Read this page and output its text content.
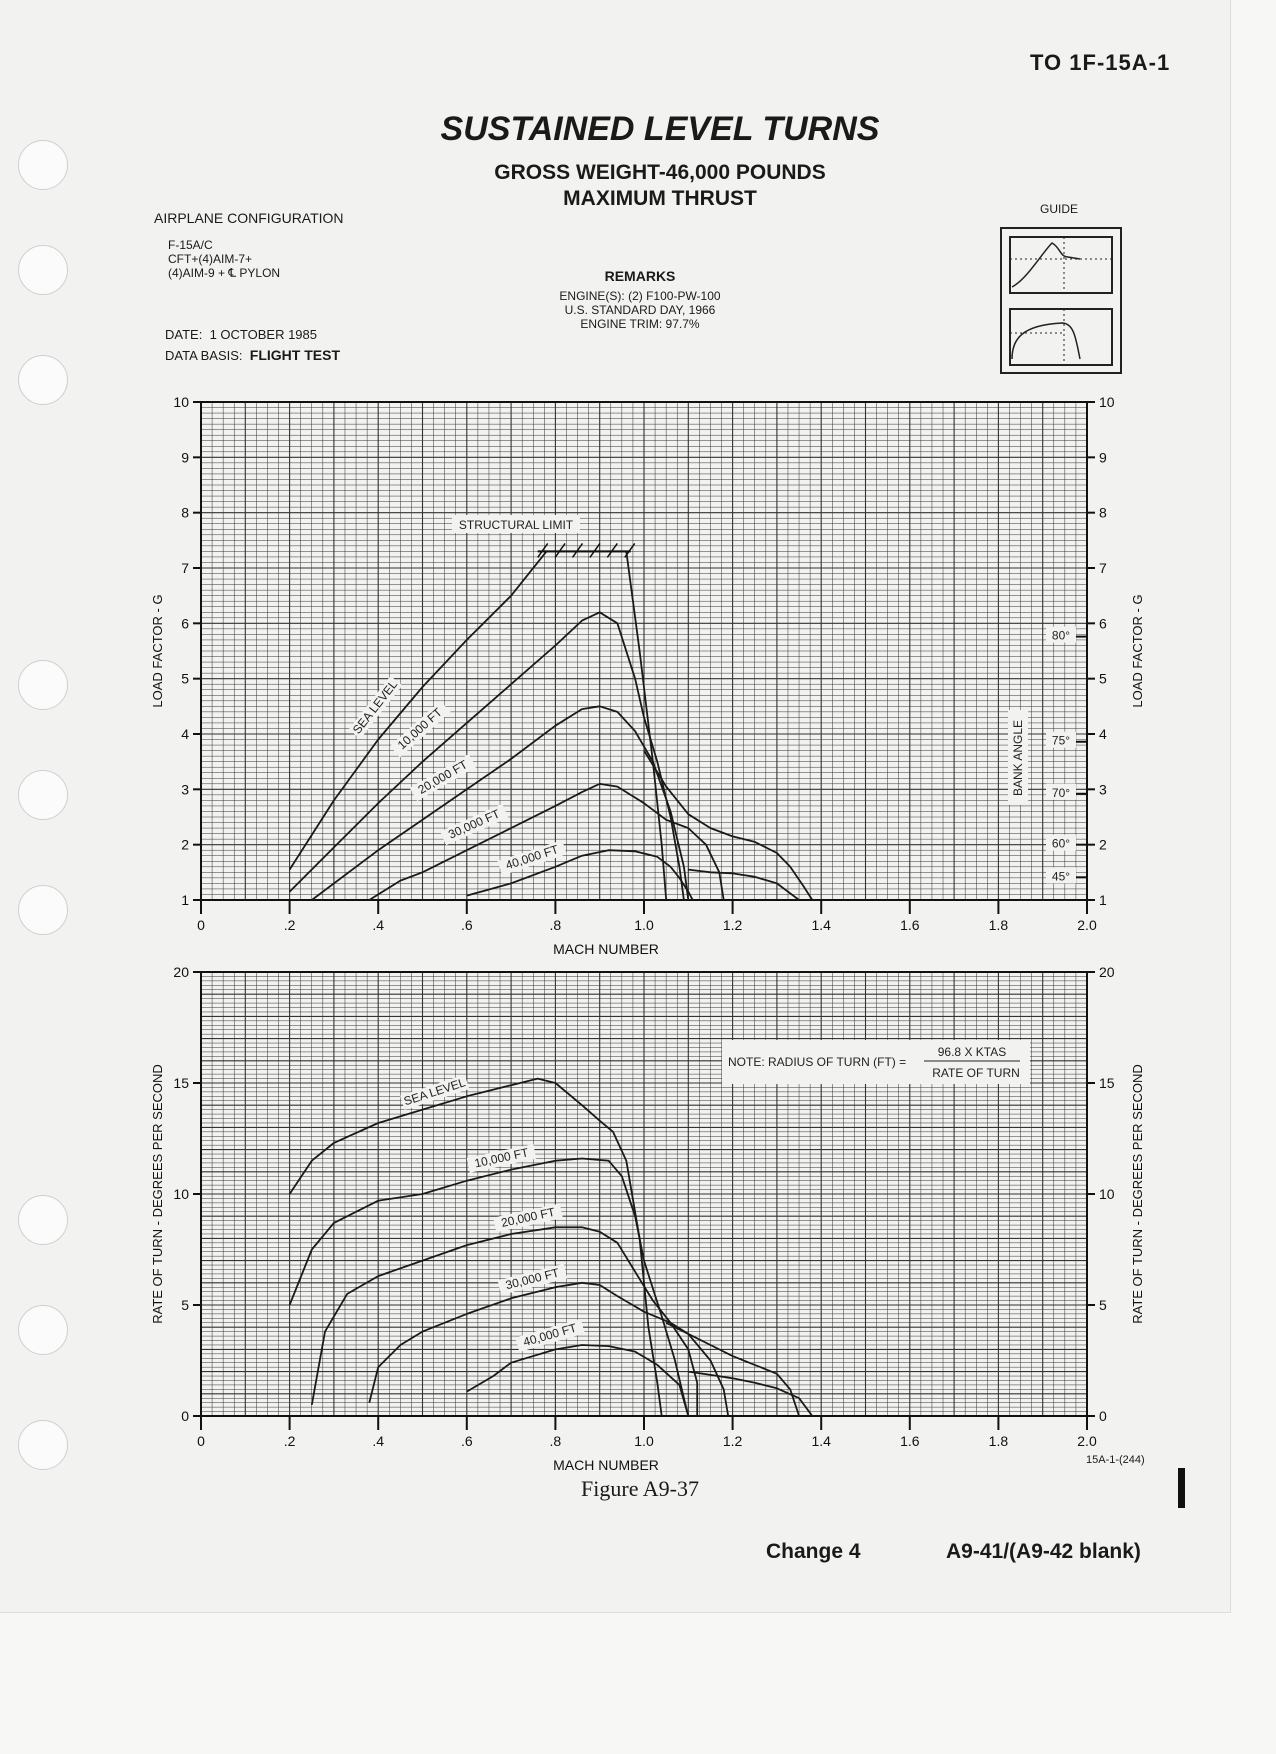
TO 1F-15A-1
SUSTAINED LEVEL TURNS
GROSS WEIGHT-46,000 POUNDS
MAXIMUM THRUST
AIRPLANE CONFIGURATION
F-15A/C
CFT+(4)AIM-7+
(4)AIM-9 + ℄ PYLON
DATE: 1 OCTOBER 1985
DATA BASIS: FLIGHT TEST
REMARKS
ENGINE(S): (2) F100-PW-100
U.S. STANDARD DAY, 1966
ENGINE TRIM: 97.7%
GUIDE
0	.2	.4	.6	.8	1.0	1.2	1.4	1.6	1.8	2.0
MACH NUMBER
1	1
2	2
3	3
4	4
5	5
6	6
7	7
8	8
9	9
10	10
LOAD FACTOR - G	LOAD FACTOR - G
SEA LEVEL
10,000 FT
20,000 FT
30,000 FT
40,000 FT
STRUCTURAL LIMIT
80°
75°
70°
60°
45°
BANK ANGLE
0	.2	.4	.6	.8	1.0	1.2	1.4	1.6	1.8	2.0
MACH NUMBER
0	0
5	5
10	10
15	15
20	20
RATE OF TURN - DEGREES PER SECOND	RATE OF TURN - DEGREES PER SECOND
SEA LEVEL
10,000 FT
20,000 FT
30,000 FT
40,000 FT
NOTE: RADIUS OF TURN (FT) =
96.8 X KTAS
RATE OF TURN
Figure A9-37
15A-1-(244)
Change 4	A9-41/(A9-42 blank)
